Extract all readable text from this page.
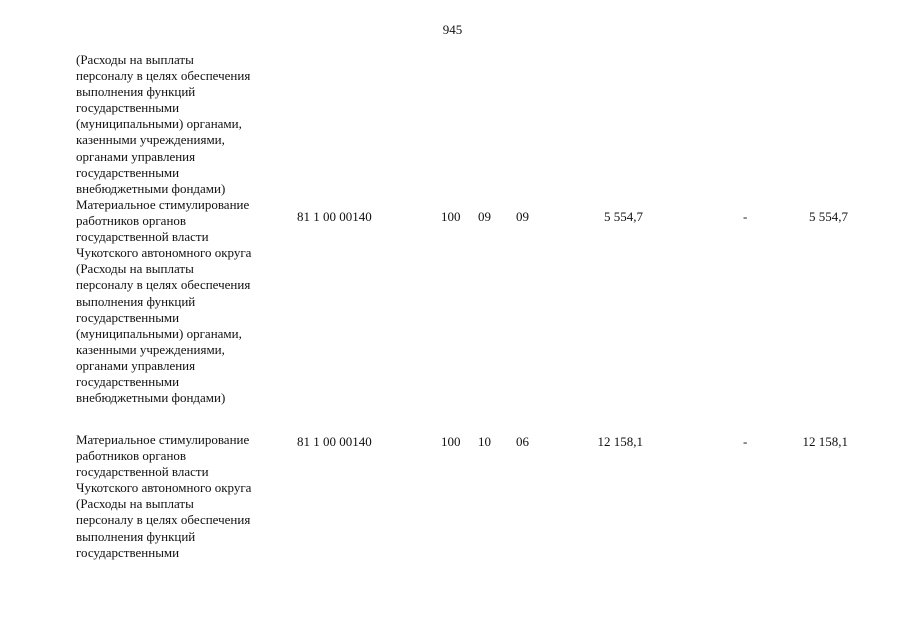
945
(Расходы на выплаты
персоналу в целях обеспечения
выполнения функций
государственными
(муниципальными) органами,
казенными учреждениями,
органами управления
государственными
внебюджетными фондами)
Материальное стимулирование
работников органов
государственной власти
Чукотского автономного округа
(Расходы на выплаты
персоналу в целях обеспечения
выполнения функций
государственными
(муниципальными) органами,
казенными учреждениями,
органами управления
государственными
внебюджетными фондами)
81 1 00 00140	100 09 09	5 554,7	-	5 554,7
Материальное стимулирование
работников органов
государственной власти
Чукотского автономного округа
(Расходы на выплаты
персоналу в целях обеспечения
выполнения функций
государственными
81 1 00 00140	100 10 06	12 158,1	-	12 158,1
